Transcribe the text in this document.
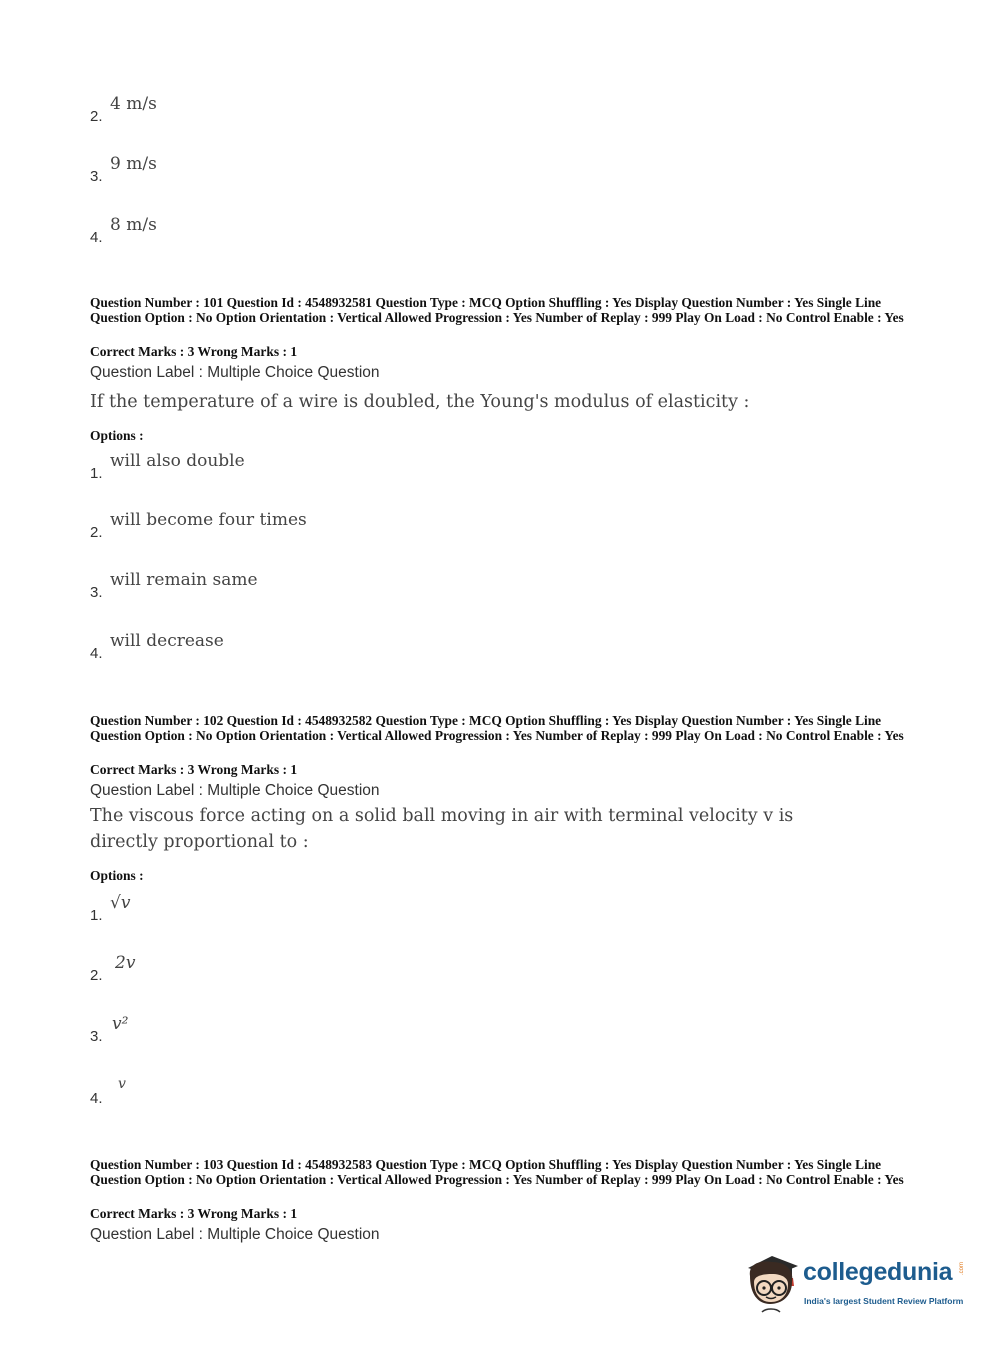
2.
4 m/s
3.
9 m/s
4.
8 m/s
Question Number : 101 Question Id : 4548932581 Question Type : MCQ Option Shuffling : Yes Display Question Number : Yes Single Line Question Option : No Option Orientation : Vertical Allowed Progression : Yes Number of Replay : 999 Play On Load : No Control Enable : Yes
Correct Marks : 3 Wrong Marks : 1
Question Label : Multiple Choice Question
If the temperature of a wire is doubled, the Young's modulus of elasticity :
Options :
1.
will also double
2.
will become four times
3.
will remain same
4.
will decrease
Question Number : 102 Question Id : 4548932582 Question Type : MCQ Option Shuffling : Yes Display Question Number : Yes Single Line Question Option : No Option Orientation : Vertical Allowed Progression : Yes Number of Replay : 999 Play On Load : No Control Enable : Yes
Correct Marks : 3 Wrong Marks : 1
Question Label : Multiple Choice Question
The viscous force acting on a solid ball moving in air with terminal velocity v is directly proportional to :
Options :
1.
√v
2.
2v
3.
v²
4.
v
Question Number : 103 Question Id : 4548932583 Question Type : MCQ Option Shuffling : Yes Display Question Number : Yes Single Line Question Option : No Option Orientation : Vertical Allowed Progression : Yes Number of Replay : 999 Play On Load : No Control Enable : Yes
Correct Marks : 3 Wrong Marks : 1
Question Label : Multiple Choice Question
collegedunia .com
India's largest Student Review Platform
